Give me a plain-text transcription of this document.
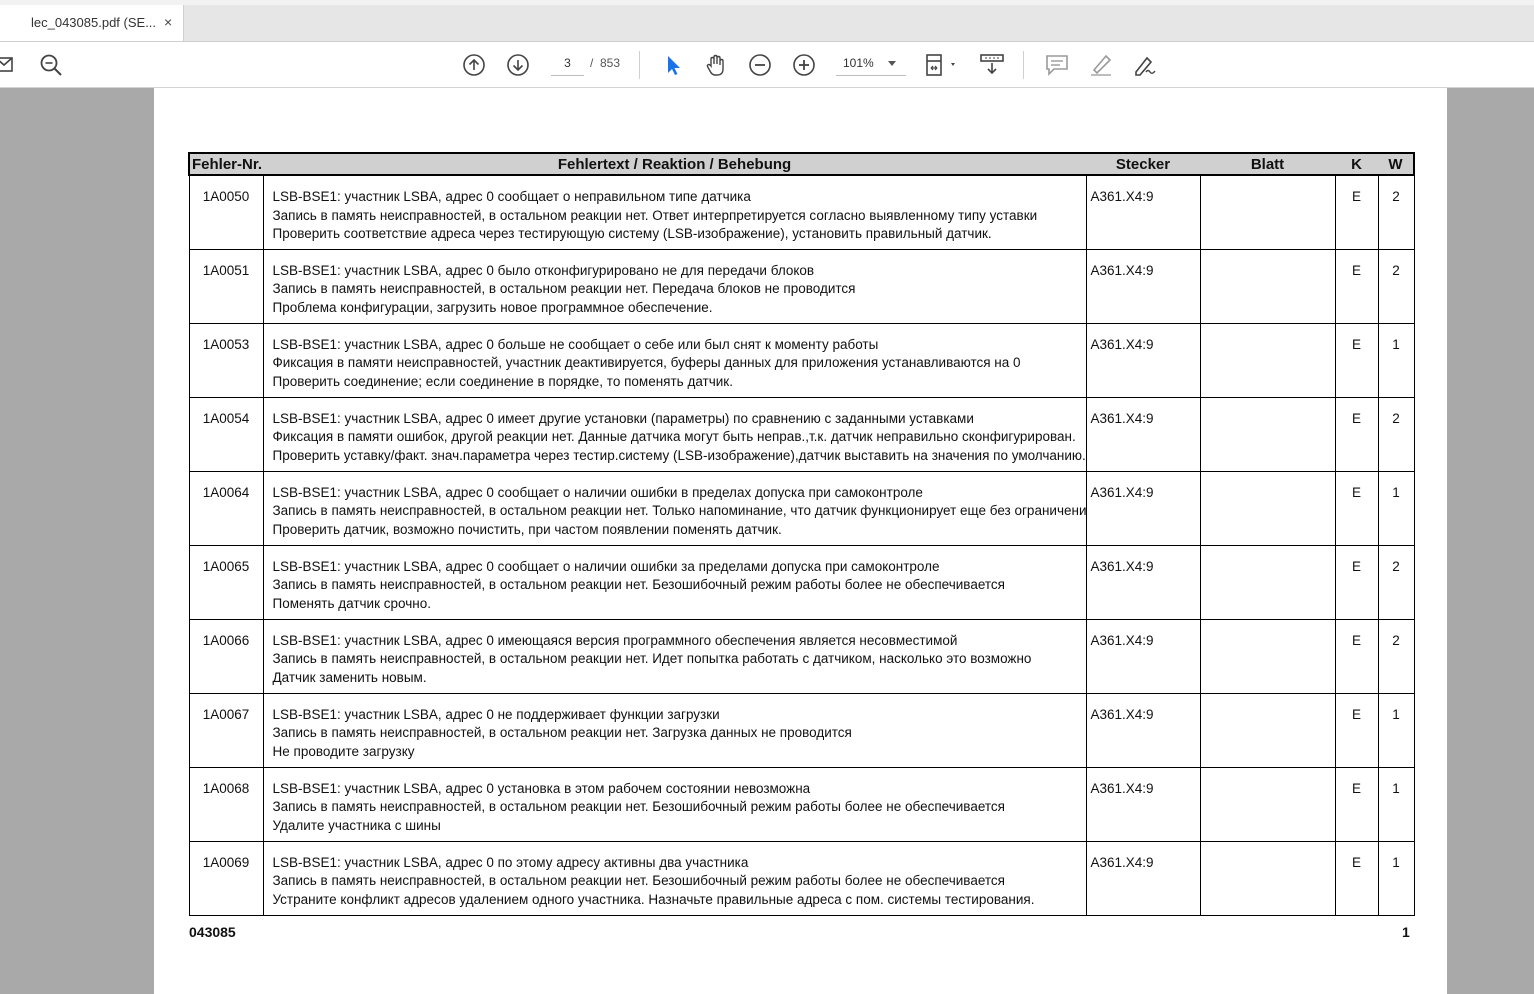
lec_043085.pdf (SE... ×
3
/ 853	101%
Fehler-Nr.	Fehlertext / Reaktion / Behebung	Stecker	Blatt	K	W

1A0050	LSB-BSE1: участник LSBA, адрес 0 сообщает о неправильном типе датчика
Запись в память неисправностей, в остальном реакции нет. Ответ интерпретируется согласно выявленному типу уставки
Проверить соответствие адреса через тестирующую систему (LSB-изображение), установить правильный датчик.	A361.X4:9		E	2

1A0051	LSB-BSE1: участник LSBA, адрес 0 было отконфигурировано не для передачи блоков
Запись в память неисправностей, в остальном реакции нет. Передача блоков не проводится
Проблема конфигурации, загрузить новое программное обеспечение.	A361.X4:9		E	2

1A0053	LSB-BSE1: участник LSBA, адрес 0 больше не сообщает о себе или был снят к моменту работы
Фиксация в памяти неисправностей, участник деактивируется, буферы данных для приложения устанавливаются на 0
Проверить соединение; если соединение в порядке, то поменять датчик.	A361.X4:9		E	1

1A0054	LSB-BSE1: участник LSBA, адрес 0 имеет другие установки (параметры) по сравнению с заданными уставками
Фиксация в памяти ошибок, другой реакции нет. Данные датчика могут быть неправ.,т.к. датчик неправильно сконфигурирован.
Проверить уставку/факт. знач.параметра через тестир.систему (LSB-изображение),датчик выставить на значения по умолчанию.	A361.X4:9		E	2

1A0064	LSB-BSE1: участник LSBA, адрес 0 сообщает о наличии ошибки в пределах допуска при самоконтроле
Запись в память неисправностей, в остальном реакции нет. Только напоминание, что датчик функционирует еще без ограничени
Проверить датчик, возможно почистить, при частом появлении поменять датчик.	A361.X4:9		E	1

1A0065	LSB-BSE1: участник LSBA, адрес 0 сообщает о наличии ошибки за пределами допуска при самоконтроле
Запись в память неисправностей, в остальном реакции нет. Безошибочный режим работы более не обеспечивается
Поменять датчик срочно.	A361.X4:9		E	2

1A0066	LSB-BSE1: участник LSBA, адрес 0 имеющаяся версия программного обеспечения является несовместимой
Запись в память неисправностей, в остальном реакции нет. Идет попытка работать с датчиком, насколько это возможно
Датчик заменить новым.	A361.X4:9		E	2

1A0067	LSB-BSE1: участник LSBA, адрес 0 не поддерживает функции загрузки
Запись в память неисправностей, в остальном реакции нет. Загрузка данных не проводится
Не проводите загрузку	A361.X4:9		E	1

1A0068	LSB-BSE1: участник LSBA, адрес 0 установка в этом рабочем состоянии невозможна
Запись в память неисправностей, в остальном реакции нет. Безошибочный режим работы более не обеспечивается
Удалите участника с шины	A361.X4:9		E	1

1A0069	LSB-BSE1: участник LSBA, адрес 0 по этому адресу активны два участника
Запись в память неисправностей, в остальном реакции нет. Безошибочный режим работы более не обеспечивается
Устраните конфликт адресов удалением одного участника. Назначьте правильные адреса с пом. системы тестирования.	A361.X4:9		E	1
043085	1
